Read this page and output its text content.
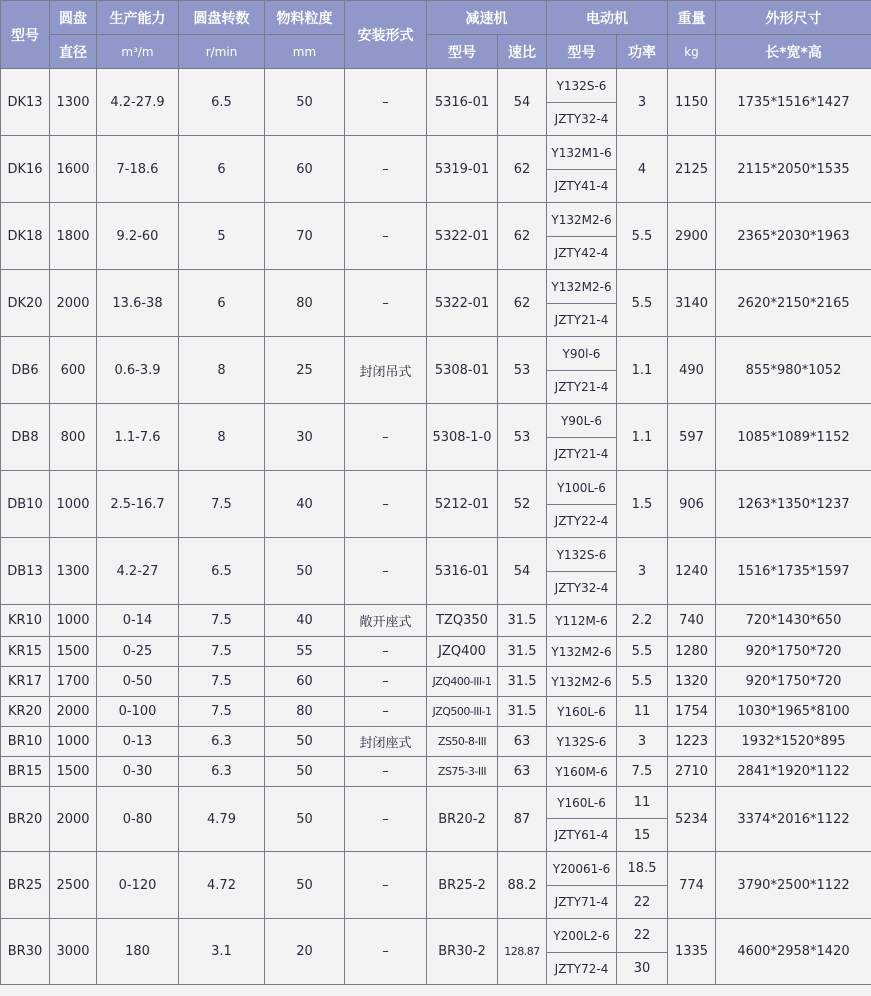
型号	圆盘	生产能力	圆盘转数	物料粒度	安装形式	减速机		电动机		重量	外形尺寸
	直径	m³/m	r/min	mm		型号	速比	型号	功率	kg	长*宽*高
DK13	1300	4.2-27.9	6.5	50	–	5316-01	54	Y132S-6	3	1150	1735*1516*1427
								JZTY32-4			
DK16	1600	7-18.6	6	60	–	5319-01	62	Y132M1-6	4	2125	2115*2050*1535
								JZTY41-4			
DK18	1800	9.2-60	5	70	–	5322-01	62	Y132M2-6	5.5	2900	2365*2030*1963
								JZTY42-4			
DK20	2000	13.6-38	6	80	–	5322-01	62	Y132M2-6	5.5	3140	2620*2150*2165
								JZTY21-4			
DB6	600	0.6-3.9	8	25	封闭吊式	5308-01	53	Y90l-6	1.1	490	855*980*1052
								JZTY21-4			
DB8	800	1.1-7.6	8	30	–	5308-1-0	53	Y90L-6	1.1	597	1085*1089*1152
								JZTY21-4			
DB10	1000	2.5-16.7	7.5	40	–	5212-01	52	Y100L-6	1.5	906	1263*1350*1237
								JZTY22-4			
DB13	1300	4.2-27	6.5	50	–	5316-01	54	Y132S-6	3	1240	1516*1735*1597
								JZTY32-4			
KR10	1000	0-14	7.5	40	敞开座式	TZQ350	31.5	Y112M-6	2.2	740	720*1430*650
KR15	1500	0-25	7.5	55	–	JZQ400	31.5	Y132M2-6	5.5	1280	920*1750*720
KR17	1700	0-50	7.5	60	–	JZQ400-III-1	31.5	Y132M2-6	5.5	1320	920*1750*720
KR20	2000	0-100	7.5	80	–	JZQ500-III-1	31.5	Y160L-6	11	1754	1030*1965*8100
BR10	1000	0-13	6.3	50	封闭座式	ZS50-8-III	63	Y132S-6	3	1223	1932*1520*895
BR15	1500	0-30	6.3	50	–	ZS75-3-III	63	Y160M-6	7.5	2710	2841*1920*1122
BR20	2000	0-80	4.79	50	–	BR20-2	87	Y160L-6	11	5234	3374*2016*1122
								JZTY61-4	15		
BR25	2500	0-120	4.72	50	–	BR25-2	88.2	Y20061-6	18.5	774	3790*2500*1122
								JZTY71-4	22		
BR30	3000	180	3.1	20	–	BR30-2	128.87	Y200L2-6	22	1335	4600*2958*1420
								JZTY72-4	30		
